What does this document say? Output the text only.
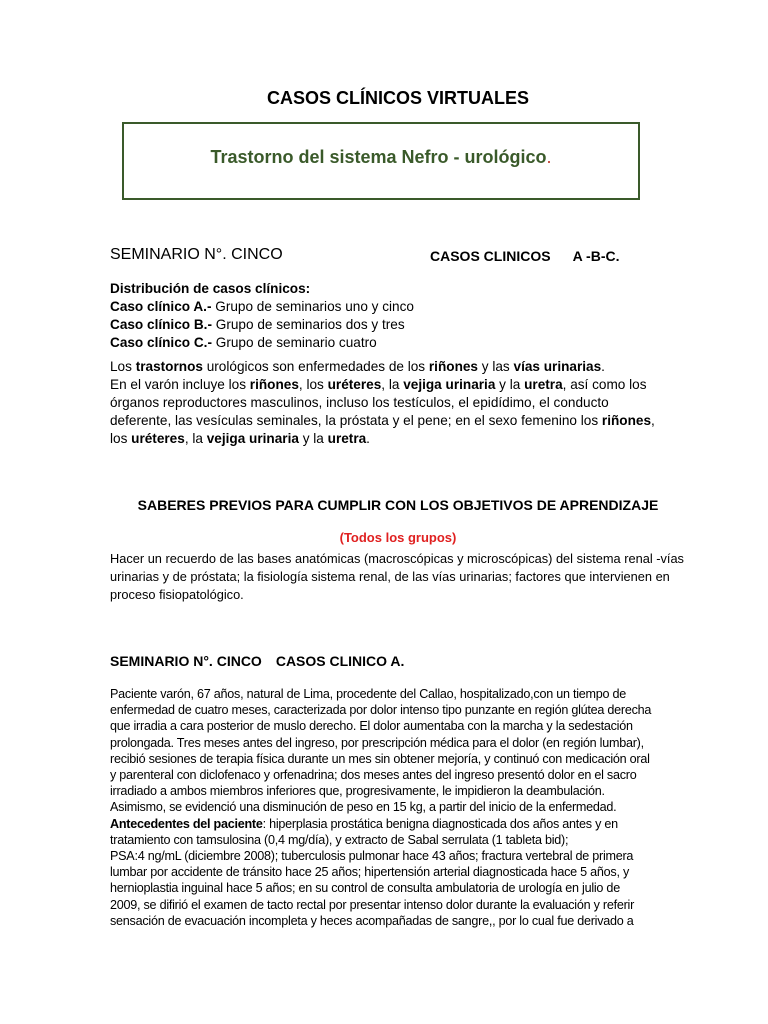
CASOS CLÍNICOS VIRTUALES
Trastorno del sistema Nefro - urológico.
SEMINARIO N°. CINCO	CASOS CLINICOS A -B-C.
Distribución de casos clínicos:
Caso clínico A.- Grupo de seminarios uno y cinco
Caso clínico B.- Grupo de seminarios dos y tres
Caso clínico C.- Grupo de seminario cuatro
Los trastornos urológicos son enfermedades de los riñones y las vías urinarias.
En el varón incluye los riñones, los uréteres, la vejiga urinaria y la uretra, así como los
órganos reproductores masculinos, incluso los testículos, el epidídimo, el conducto
deferente, las vesículas seminales, la próstata y el pene; en el sexo femenino los riñones,
los uréteres, la vejiga urinaria y la uretra.
SABERES PREVIOS PARA CUMPLIR CON LOS OBJETIVOS DE APRENDIZAJE
(Todos los grupos)
Hacer un recuerdo de las bases anatómicas (macroscópicas y microscópicas) del sistema renal -vías urinarias y de próstata; la fisiología sistema renal, de las vías urinarias; factores que intervienen en proceso fisiopatológico.
SEMINARIO N°. CINCO CASOS CLINICO A.
Paciente varón, 67 años, natural de Lima, procedente del Callao, hospitalizado,con un tiempo de
enfermedad de cuatro meses, caracterizada por dolor intenso tipo punzante en región glútea derecha
que irradia a cara posterior de muslo derecho. El dolor aumentaba con la marcha y la sedestación
prolongada. Tres meses antes del ingreso, por prescripción médica para el dolor (en región lumbar),
recibió sesiones de terapia física durante un mes sin obtener mejoría, y continuó con medicación oral
y parenteral con diclofenaco y orfenadrina; dos meses antes del ingreso presentó dolor en el sacro
irradiado a ambos miembros inferiores que, progresivamente, le impidieron la deambulación.
Asimismo, se evidenció una disminución de peso en 15 kg, a partir del inicio de la enfermedad.
Antecedentes del paciente: hiperplasia prostática benigna diagnosticada dos años antes y en
tratamiento con tamsulosina (0,4 mg/día), y extracto de Sabal serrulata (1 tableta bid);
PSA:4 ng/mL (diciembre 2008); tuberculosis pulmonar hace 43 años; fractura vertebral de primera
lumbar por accidente de tránsito hace 25 años; hipertensión arterial diagnosticada hace 5 años, y
hernioplastia inguinal hace 5 años; en su control de consulta ambulatoria de urología en julio de
2009, se difirió el examen de tacto rectal por presentar intenso dolor durante la evaluación y referir
sensación de evacuación incompleta y heces acompañadas de sangre,, por lo cual fue derivado a
